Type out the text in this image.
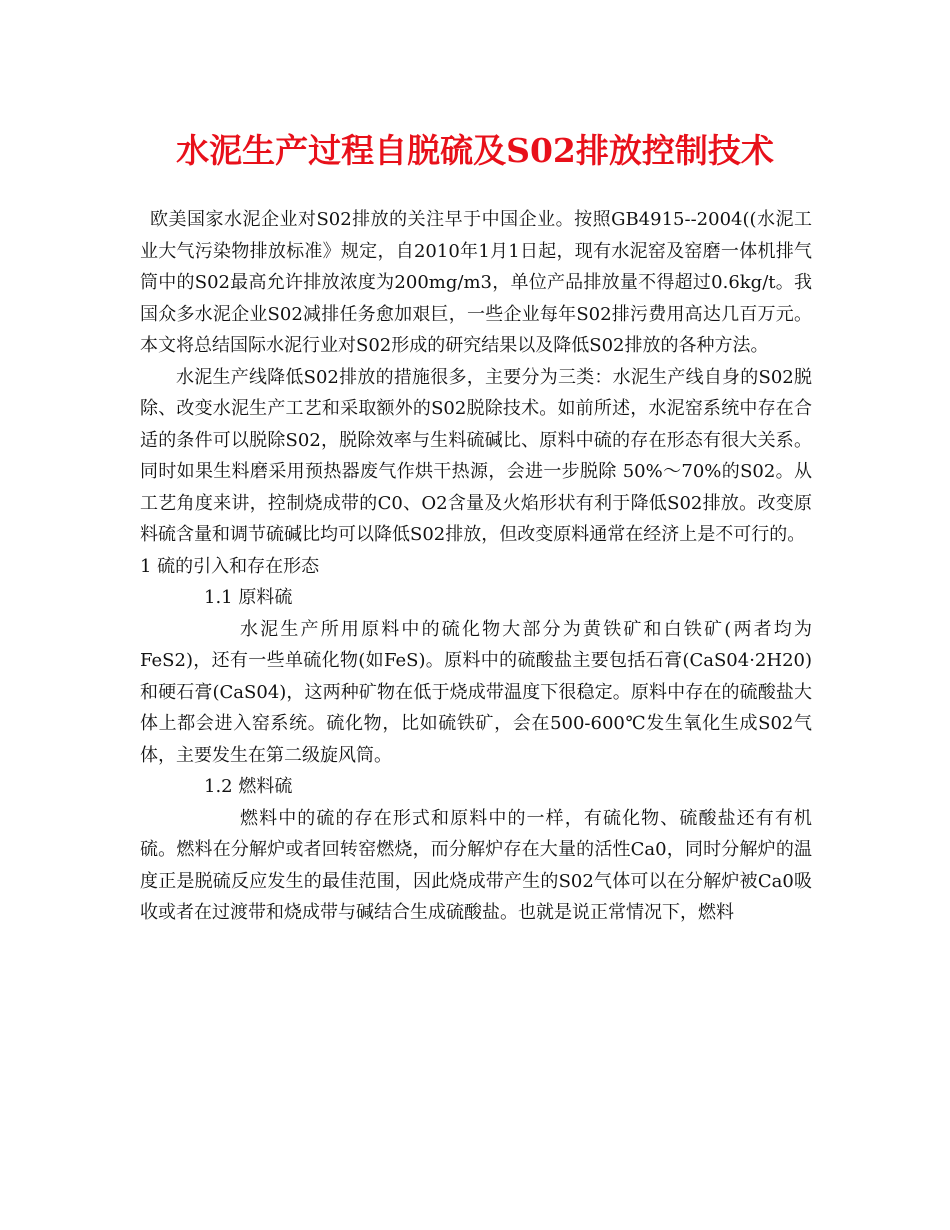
水泥生产过程自脱硫及S02排放控制技术

欧美国家水泥企业对S02排放的关注早于中国企业。按照GB4915--2004((水泥工业大气污染物排放标准》规定，自2010年1月1日起，现有水泥窑及窑磨一体机排气筒中的S02最高允许排放浓度为200mg/m3，单位产品排放量不得超过0.6kg/t。我国众多水泥企业S02减排任务愈加艰巨，一些企业每年S02排污费用高达几百万元。本文将总结国际水泥行业对S02形成的研究结果以及降低S02排放的各种方法。

水泥生产线降低S02排放的措施很多，主要分为三类：水泥生产线自身的S02脱除、改变水泥生产工艺和采取额外的S02脱除技术。如前所述，水泥窑系统中存在合适的条件可以脱除S02，脱除效率与生料硫碱比、原料中硫的存在形态有很大关系。同时如果生料磨采用预热器废气作烘干热源，会进一步脱除 50%～70%的S02。从工艺角度来讲，控制烧成带的C0、O2含量及火焰形状有利于降低S02排放。改变原料硫含量和调节硫碱比均可以降低S02排放，但改变原料通常在经济上是不可行的。

1 硫的引入和存在形态

1.1 原料硫

水泥生产所用原料中的硫化物大部分为黄铁矿和白铁矿(两者均为FeS2)，还有一些单硫化物(如FeS)。原料中的硫酸盐主要包括石膏(CaS04·2H20)和硬石膏(CaS04)，这两种矿物在低于烧成带温度下很稳定。原料中存在的硫酸盐大体上都会进入窑系统。硫化物，比如硫铁矿，会在500-600℃发生氧化生成S02气体，主要发生在第二级旋风筒。

1.2 燃料硫

燃料中的硫的存在形式和原料中的一样，有硫化物、硫酸盐还有有机硫。燃料在分解炉或者回转窑燃烧，而分解炉存在大量的活性Ca0，同时分解炉的温度正是脱硫反应发生的最佳范围，因此烧成带产生的S02气体可以在分解炉被Ca0吸收或者在过渡带和烧成带与碱结合生成硫酸盐。也就是说正常情况下，燃料
